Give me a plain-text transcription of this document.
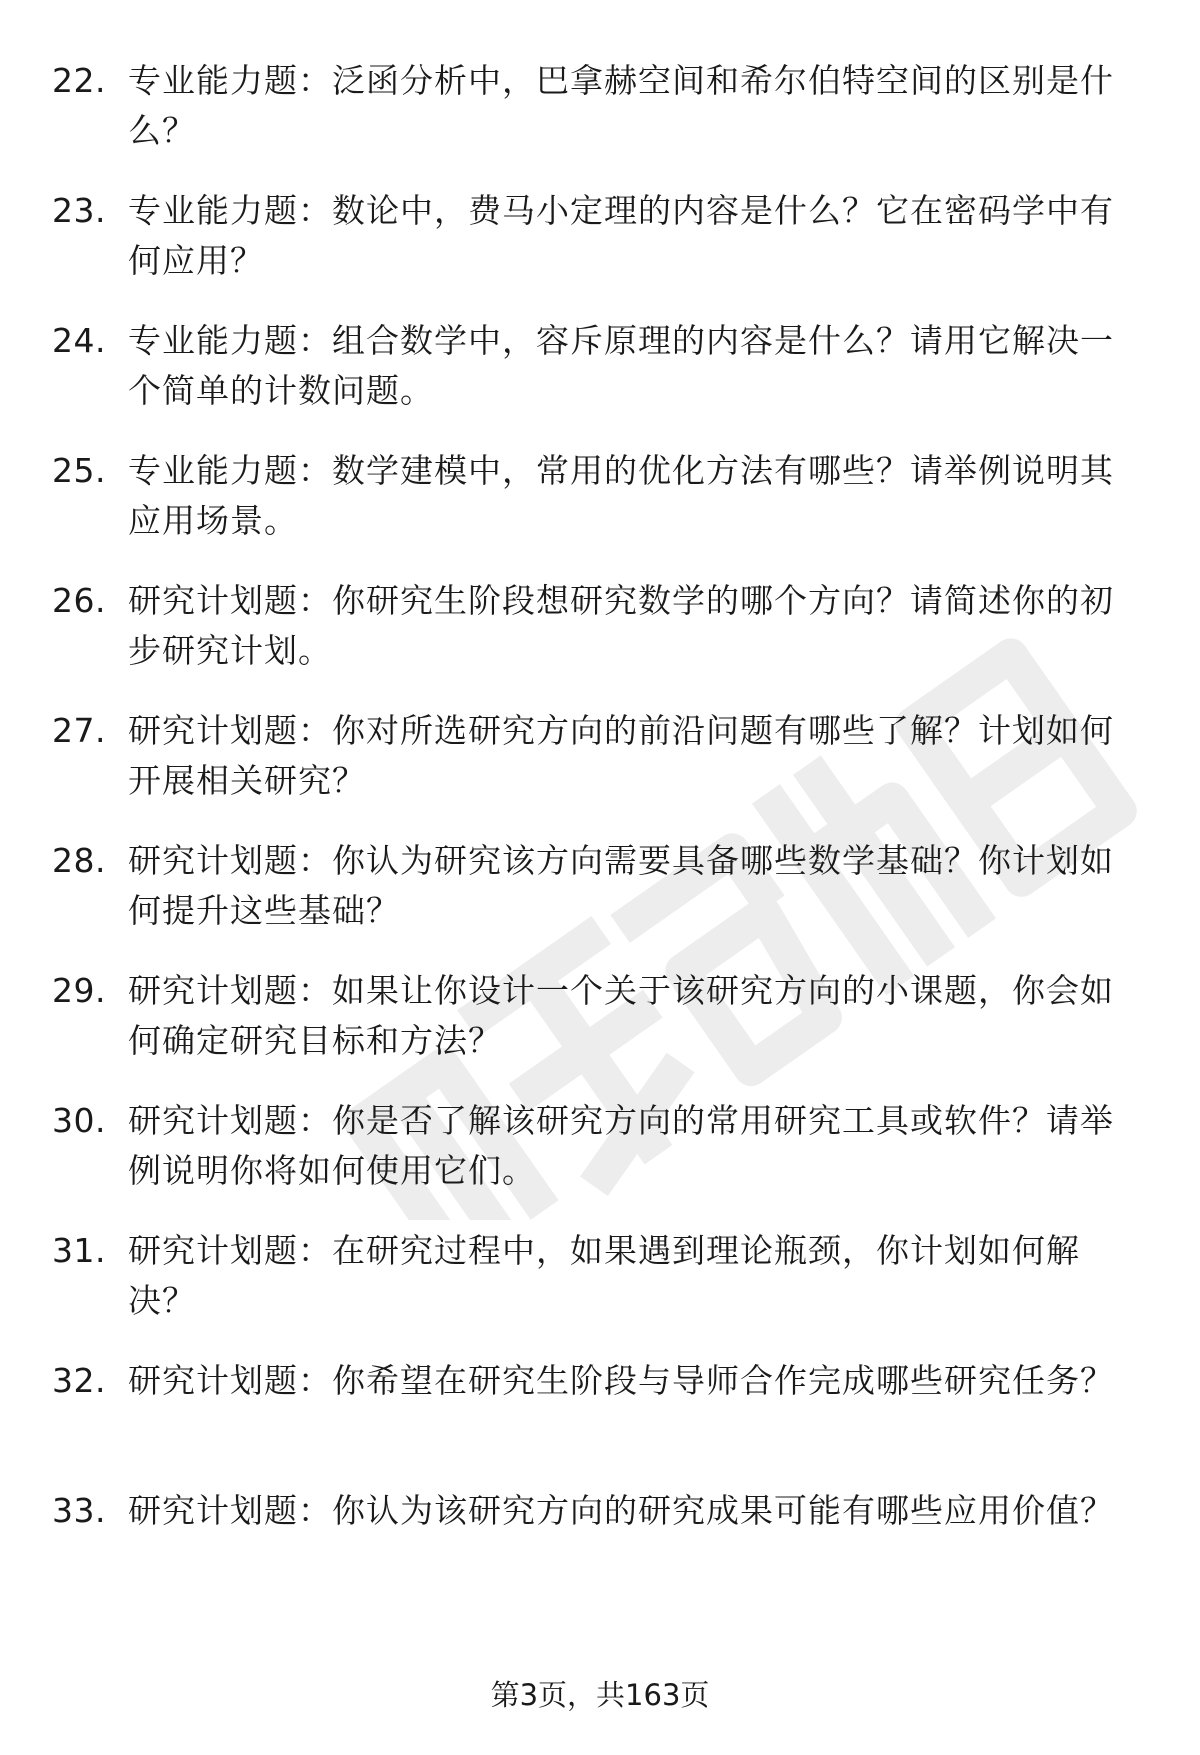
22. 专业能力题：泛函分析中，巴拿赫空间和希尔伯特空间的区别是什么？
23. 专业能力题：数论中，费马小定理的内容是什么？它在密码学中有何应用？
24. 专业能力题：组合数学中，容斥原理的内容是什么？请用它解决一个简单的计数问题。
25. 专业能力题：数学建模中，常用的优化方法有哪些？请举例说明其应用场景。
26. 研究计划题：你研究生阶段想研究数学的哪个方向？请简述你的初步研究计划。
27. 研究计划题：你对所选研究方向的前沿问题有哪些了解？计划如何开展相关研究？
28. 研究计划题：你认为研究该方向需要具备哪些数学基础？你计划如何提升这些基础？
29. 研究计划题：如果让你设计一个关于该研究方向的小课题，你会如何确定研究目标和方法？
30. 研究计划题：你是否了解该研究方向的常用研究工具或软件？请举例说明你将如何使用它们。
31. 研究计划题：在研究过程中，如果遇到理论瓶颈，你计划如何解决？
32. 研究计划题：你希望在研究生阶段与导师合作完成哪些研究任务？
33. 研究计划题：你认为该研究方向的研究成果可能有哪些应用价值？
第3页，共163页
